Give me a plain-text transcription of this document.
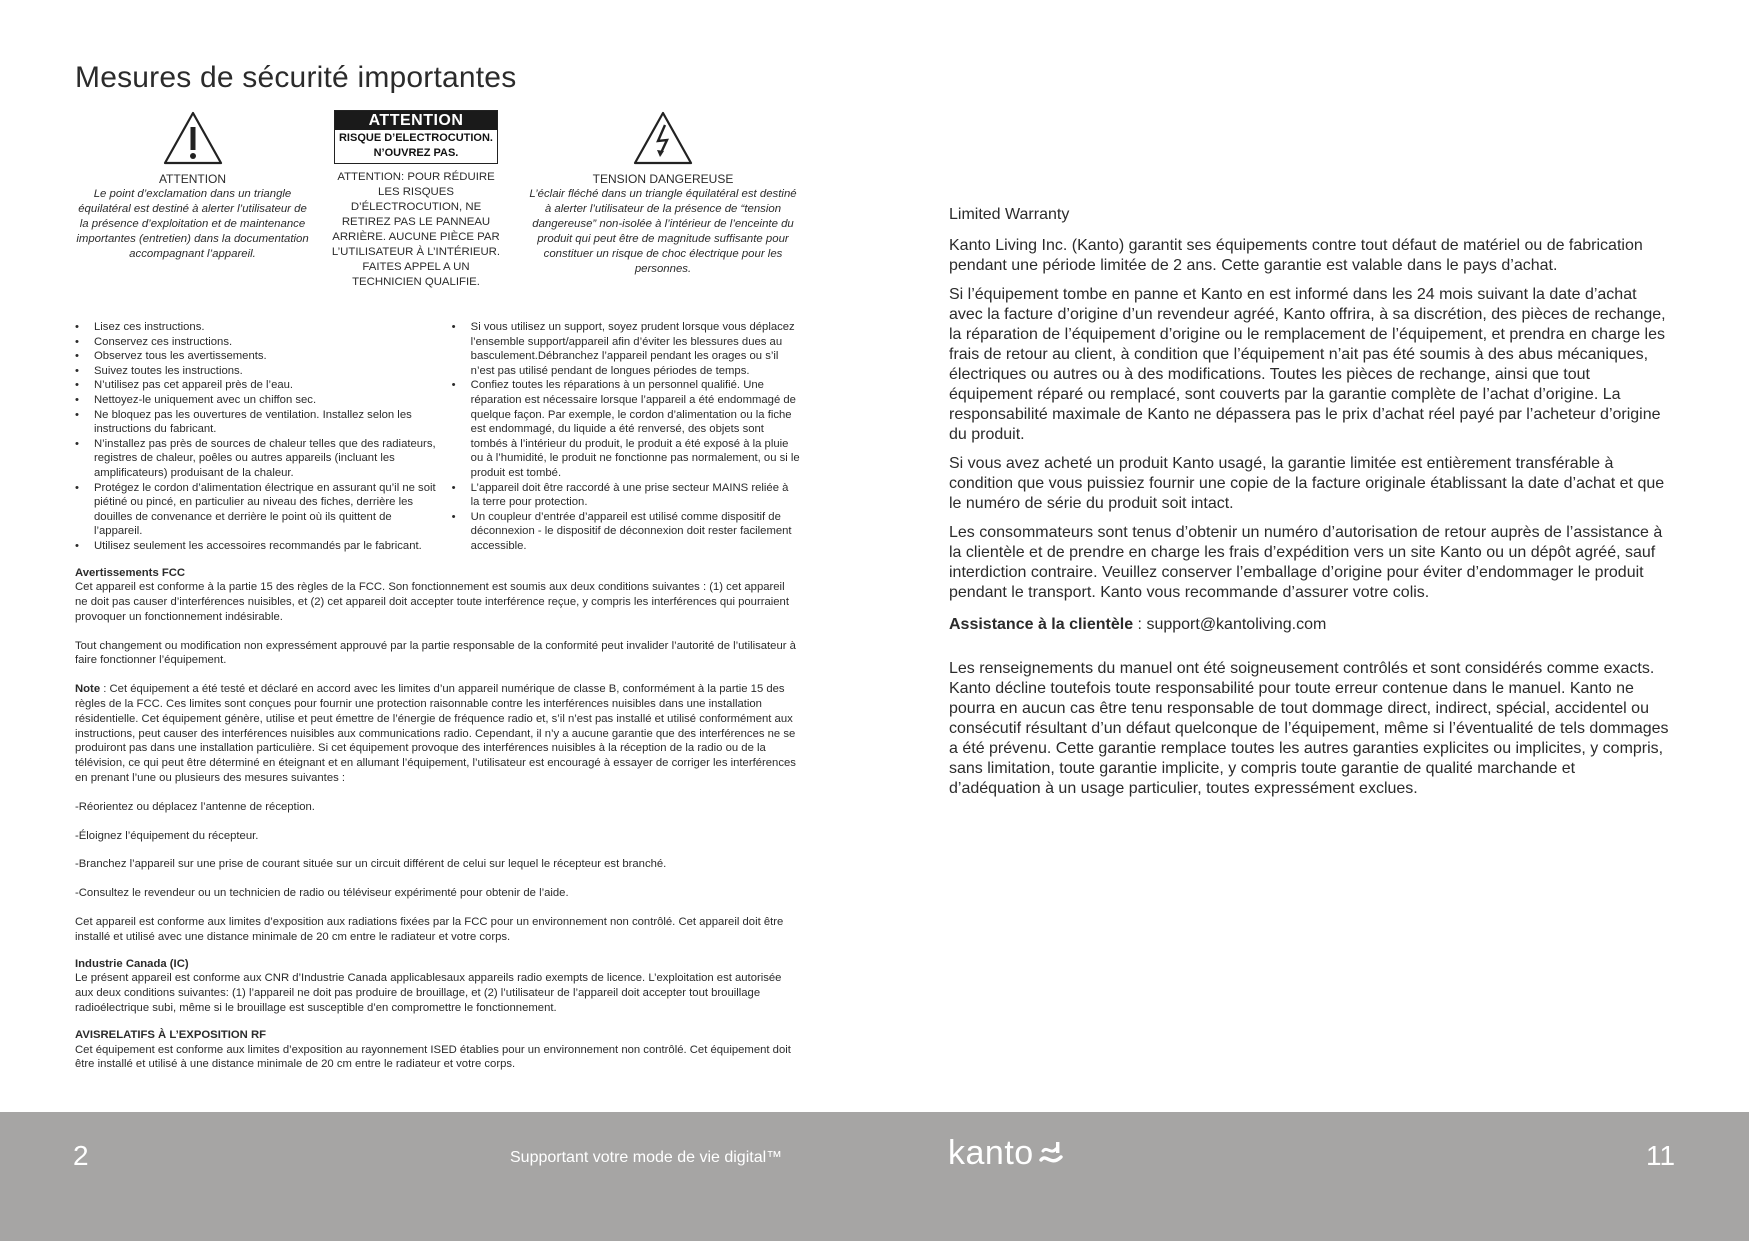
Mesures de sécurité importantes
ATTENTION
Le point d’exclamation dans un triangle équilatéral est destiné à alerter l’utilisateur de la présence d’exploitation et de maintenance importantes (entretien) dans la documentation accompagnant l’appareil.
ATTENTION
RISQUE D’ELECTROCUTION.
N’OUVREZ PAS.
ATTENTION: POUR RÉDUIRE LES RISQUES D’ÉLECTROCUTION, NE RETIREZ PAS LE PANNEAU ARRIÈRE. AUCUNE PIÈCE PAR L’UTILISATEUR À L’INTÉRIEUR. FAITES APPEL A UN TECHNICIEN QUALIFIE.
TENSION DANGEREUSE
L’éclair fléché dans un triangle équilatéral est destiné à alerter l’utilisateur de la présence de “tension dangereuse” non-isolée à l’intérieur de l’enceinte du produit qui peut être de magnitude suffisante pour constituer un risque de choc électrique pour les personnes.
• Lisez ces instructions.
• Conservez ces instructions.
• Observez tous les avertissements.
• Suivez toutes les instructions.
• N’utilisez pas cet appareil près de l’eau.
• Nettoyez-le uniquement avec un chiffon sec.
• Ne bloquez pas les ouvertures de ventilation. Installez selon les instructions du fabricant.
• N’installez pas près de sources de chaleur telles que des radiateurs, registres de chaleur, poêles ou autres appareils (incluant les amplificateurs) produisant de la chaleur.
• Protégez le cordon d’alimentation électrique en assurant qu’il ne soit piétiné ou pincé, en particulier au niveau des fiches, derrière les douilles de convenance et derrière le point où ils quittent de l’appareil.
• Utilisez seulement les accessoires recommandés par le fabricant.
• Si vous utilisez un support, soyez prudent lorsque vous déplacez l’ensemble support/appareil afin d’éviter les blessures dues au basculement.Débranchez l’appareil pendant les orages ou s’il n’est pas utilisé pendant de longues périodes de temps.
• Confiez toutes les réparations à un personnel qualifié. Une réparation est nécessaire lorsque l’appareil a été endommagé de quelque façon. Par exemple, le cordon d’alimentation ou la fiche est endommagé, du liquide a été renversé, des objets sont tombés à l’intérieur du produit, le produit a été exposé à la pluie ou à l’humidité, le produit ne fonctionne pas normalement, ou si le produit est tombé.
• L’appareil doit être raccordé à une prise secteur MAINS reliée à la terre pour protection.
• Un coupleur d’entrée d’appareil est utilisé comme dispositif de déconnexion - le dispositif de déconnexion doit rester facilement accessible.

Avertissements FCC

Cet appareil est conforme à la partie 15 des règles de la FCC. Son fonctionnement est soumis aux deux conditions suivantes : (1) cet appareil ne doit pas causer d’interférences nuisibles, et (2) cet appareil doit accepter toute interférence reçue, y compris les interférences qui pourraient provoquer un fonctionnement indésirable.

Tout changement ou modification non expressément approuvé par la partie responsable de la conformité peut invalider l’autorité de l’utilisateur à faire fonctionner l’équipement.

Note : Cet équipement a été testé et déclaré en accord avec les limites d’un appareil numérique de classe B, conformément à la partie 15 des règles de la FCC. Ces limites sont conçues pour fournir une protection raisonnable contre les interférences nuisibles dans une installation résidentielle. Cet équipement génère, utilise et peut émettre de l’énergie de fréquence radio et, s’il n’est pas installé et utilisé conformément aux instructions, peut causer des interférences nuisibles aux communications radio. Cependant, il n’y a aucune garantie que des interférences ne se produiront pas dans une installation particulière. Si cet équipement provoque des interférences nuisibles à la réception de la radio ou de la télévision, ce qui peut être déterminé en éteignant et en allumant l’équipement, l’utilisateur est encouragé à essayer de corriger les interférences en prenant l’une ou plusieurs des mesures suivantes :

-Réorientez ou déplacez l’antenne de réception.

-Éloignez l’équipement du récepteur.

-Branchez l’appareil sur une prise de courant située sur un circuit différent de celui sur lequel le récepteur est branché.

-Consultez le revendeur ou un technicien de radio ou téléviseur expérimenté pour obtenir de l’aide.

Cet appareil est conforme aux limites d’exposition aux radiations fixées par la FCC pour un environnement non contrôlé. Cet appareil doit être installé et utilisé avec une distance minimale de 20 cm entre le radiateur et votre corps.

Industrie Canada (IC)

Le présent appareil est conforme aux CNR d’Industrie Canada applicablesaux appareils radio exempts de licence. L’exploitation est autorisée aux deux conditions suivantes: (1) l’appareil ne doit pas produire de brouillage, et (2) l’utilisateur de l’appareil doit accepter tout brouillage radioélectrique subi, même si le brouillage est susceptible d’en compromettre le fonctionnement.

AVISRELATIFS À L’EXPOSITION RF

Cet équipement est conforme aux limites d’exposition au rayonnement ISED établies pour un environnement non contrôlé. Cet équipement doit être installé et utilisé à une distance minimale de 20 cm entre le radiateur et votre corps.

Limited Warranty

Kanto Living Inc. (Kanto) garantit ses équipements contre tout défaut de matériel ou de fabrication pendant une période limitée de 2 ans. Cette garantie est valable dans le pays d’achat.

Si l’équipement tombe en panne et Kanto en est informé dans les 24 mois suivant la date d’achat avec la facture d’origine d’un revendeur agréé, Kanto offrira, à sa discrétion, des pièces de rechange, la réparation de l’équipement d’origine ou le remplacement de l’équipement, et prendra en charge les frais de retour au client, à condition que l’équipement n’ait pas été soumis à des abus mécaniques, électriques ou autres ou à des modifications. Toutes les pièces de rechange, ainsi que tout équipement réparé ou remplacé, sont couverts par la garantie complète de l’achat d’origine. La responsabilité maximale de Kanto ne dépassera pas le prix d’achat réel payé par l’acheteur d’origine du produit.

Si vous avez acheté un produit Kanto usagé, la garantie limitée est entièrement transférable à condition que vous puissiez fournir une copie de la facture originale établissant la date d’achat et que le numéro de série du produit soit intact.

Les consommateurs sont tenus d’obtenir un numéro d’autorisation de retour auprès de l’assistance à la clientèle et de prendre en charge les frais d’expédition vers un site Kanto ou un dépôt agréé, sauf interdiction contraire. Veuillez conserver l’emballage d’origine pour éviter d’endommager le produit pendant le transport. Kanto vous recommande d’assurer votre colis.

Assistance à la clientèle : support@kantoliving.com

Les renseignements du manuel ont été soigneusement contrôlés et sont considérés comme exacts. Kanto décline toutefois toute responsabilité pour toute erreur contenue dans le manuel. Kanto ne pourra en aucun cas être tenu responsable de tout dommage direct, indirect, spécial, accidentel ou consécutif résultant d’un défaut quelconque de l’équipement, même si l’éventualité de tels dommages a été prévenu. Cette garantie remplace toutes les autres garanties explicites ou implicites, y compris, sans limitation, toute garantie implicite, y compris toute garantie de qualité marchande et d’adéquation à un usage particulier, toutes expressément exclues.

2	Supportant votre mode de vie digital™	kanto	11
